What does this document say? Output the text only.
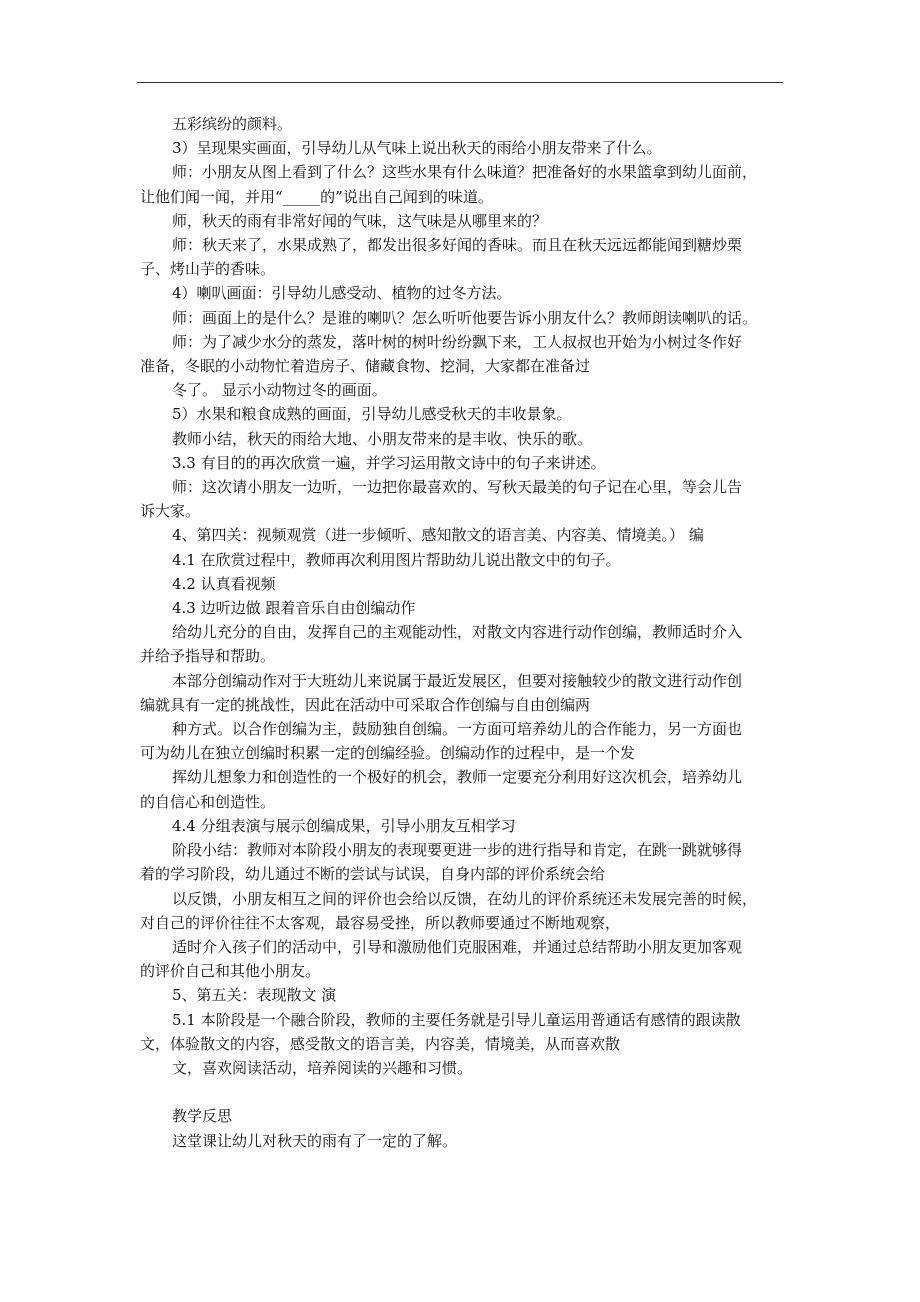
五彩缤纷的颜料。

3）呈现果实画面，引导幼儿从气味上说出秋天的雨给小朋友带来了什么。

师：小朋友从图上看到了什么？这些水果有什么味道？把准备好的水果篮拿到幼儿面前，

让他们闻一闻，并用“_____的”说出自己闻到的味道。

师，秋天的雨有非常好闻的气味，这气味是从哪里来的？

师：秋天来了，水果成熟了，都发出很多好闻的香味。而且在秋天远远都能闻到糖炒栗

子、烤山芋的香味。

4）喇叭画面：引导幼儿感受动、植物的过冬方法。

师：画面上的是什么？是谁的喇叭？怎么听听他要告诉小朋友什么？教师朗读喇叭的话。

师：为了减少水分的蒸发，落叶树的树叶纷纷飘下来，工人叔叔也开始为小树过冬作好

准备，冬眠的小动物忙着造房子、储藏食物、挖洞，大家都在准备过

冬了。 显示小动物过冬的画面。

5）水果和粮食成熟的画面，引导幼儿感受秋天的丰收景象。

教师小结，秋天的雨给大地、小朋友带来的是丰收、快乐的歌。

3.3 有目的的再次欣赏一遍，并学习运用散文诗中的句子来讲述。

师：这次请小朋友一边听，一边把你最喜欢的、写秋天最美的句子记在心里，等会儿告

诉大家。

4、第四关：视频观赏（进一步倾听、感知散文的语言美、内容美、情境美。） 编

4.1 在欣赏过程中，教师再次利用图片帮助幼儿说出散文中的句子。

4.2 认真看视频

4.3 边听边做 跟着音乐自由创编动作

给幼儿充分的自由，发挥自己的主观能动性，对散文内容进行动作创编，教师适时介入

并给予指导和帮助。

本部分创编动作对于大班幼儿来说属于最近发展区，但要对接触较少的散文进行动作创

编就具有一定的挑战性，因此在活动中可采取合作创编与自由创编两

种方式。以合作创编为主，鼓励独自创编。一方面可培养幼儿的合作能力，另一方面也

可为幼儿在独立创编时积累一定的创编经验。创编动作的过程中，是一个发

挥幼儿想象力和创造性的一个极好的机会，教师一定要充分利用好这次机会，培养幼儿

的自信心和创造性。

4.4 分组表演与展示创编成果，引导小朋友互相学习

阶段小结：教师对本阶段小朋友的表现要更进一步的进行指导和肯定，在跳一跳就够得

着的学习阶段，幼儿通过不断的尝试与试误，自身内部的评价系统会给

以反馈，小朋友相互之间的评价也会给以反馈，在幼儿的评价系统还未发展完善的时候，

对自己的评价往往不太客观，最容易受挫，所以教师要通过不断地观察，

适时介入孩子们的活动中，引导和激励他们克服困难，并通过总结帮助小朋友更加客观

的评价自己和其他小朋友。

5、第五关：表现散文 演

5.1 本阶段是一个融合阶段，教师的主要任务就是引导儿童运用普通话有感情的跟读散

文，体验散文的内容，感受散文的语言美，内容美，情境美，从而喜欢散

文，喜欢阅读活动，培养阅读的兴趣和习惯。

教学反思

这堂课让幼儿对秋天的雨有了一定的了解。
